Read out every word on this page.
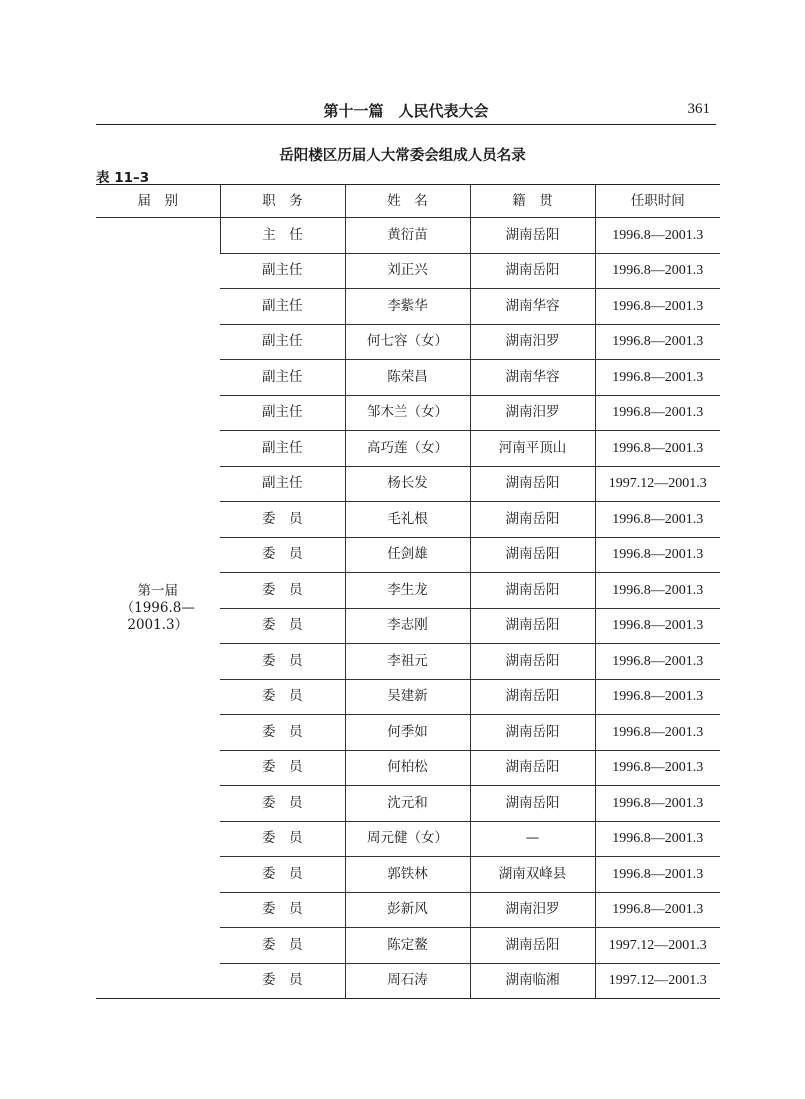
第十一篇　人民代表大会	361
岳阳楼区历届人大常委会组成人员名录
表 11–3
届　别	职　务	姓　名	籍　贯	任职时间

第一届
（1996.8—
2001.3）	主　任	黄衍苗	湖南岳阳	1996.8—2001.3
	副主任	刘正兴	湖南岳阳	1996.8—2001.3
	副主任	李紫华	湖南华容	1996.8—2001.3
	副主任	何七容（女）	湖南汨罗	1996.8—2001.3
	副主任	陈荣昌	湖南华容	1996.8—2001.3
	副主任	邹木兰（女）	湖南汨罗	1996.8—2001.3
	副主任	高巧莲（女）	河南平顶山	1996.8—2001.3
	副主任	杨长发	湖南岳阳	1997.12—2001.3
	委　员	毛礼根	湖南岳阳	1996.8—2001.3
	委　员	任剑雄	湖南岳阳	1996.8—2001.3
	委　员	李生龙	湖南岳阳	1996.8—2001.3
	委　员	李志刚	湖南岳阳	1996.8—2001.3
	委　员	李祖元	湖南岳阳	1996.8—2001.3
	委　员	吴建新	湖南岳阳	1996.8—2001.3
	委　员	何季如	湖南岳阳	1996.8—2001.3
	委　员	何柏松	湖南岳阳	1996.8—2001.3
	委　员	沈元和	湖南岳阳	1996.8—2001.3
	委　员	周元健（女）	—	1996.8—2001.3
	委　员	郭铁林	湖南双峰县	1996.8—2001.3
	委　员	彭新风	湖南汨罗	1996.8—2001.3
	委　员	陈定鳌	湖南岳阳	1997.12—2001.3
	委　员	周石涛	湖南临湘	1997.12—2001.3
